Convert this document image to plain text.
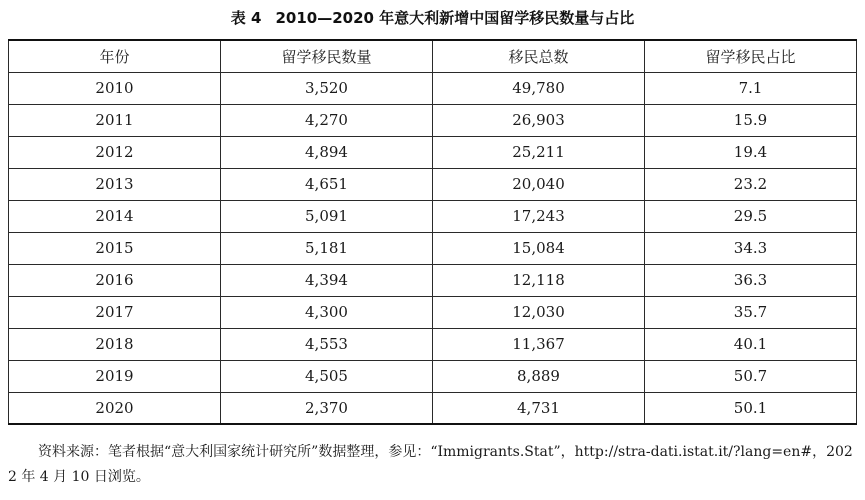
表 4 2010—2020 年意大利新增中国留学移民数量与占比
年份	留学移民数量	移民总数	留学移民占比
2010	3,520	49,780	7.1
2011	4,270	26,903	15.9
2012	4,894	25,211	19.4
2013	4,651	20,040	23.2
2014	5,091	17,243	29.5
2015	5,181	15,084	34.3
2016	4,394	12,118	36.3
2017	4,300	12,030	35.7
2018	4,553	11,367	40.1
2019	4,505	8,889	50.7
2020	2,370	4,731	50.1
资料来源：笔者根据“意大利国家统计研究所”数据整理，参见：“Immigrants.Stat”，http://stra-dati.istat.it/?lang=en#，2022 年 4 月 10 日浏览。
